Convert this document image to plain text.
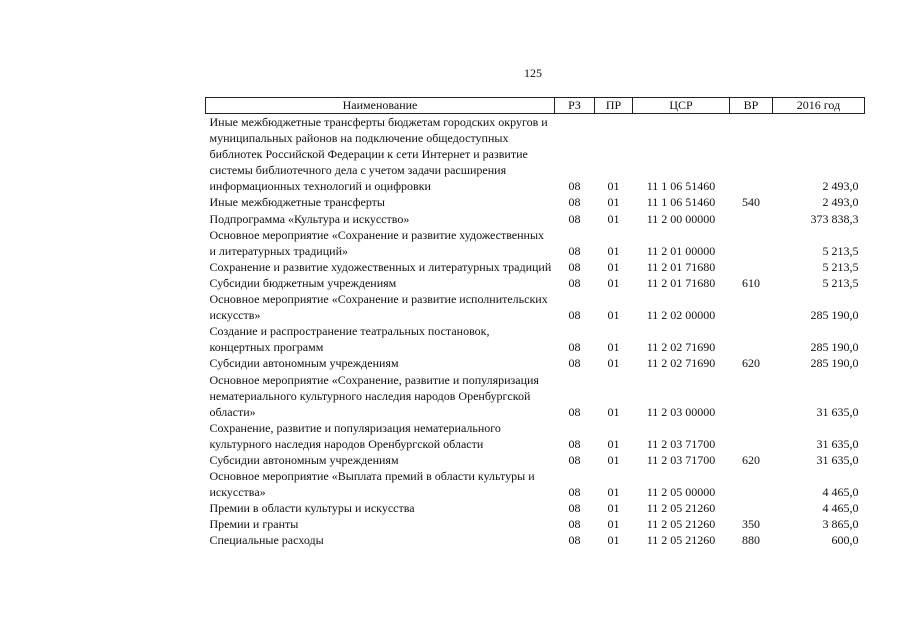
125
Наименование	РЗ	ПР	ЦСР	ВР	2016 год
Иные межбюджетные трансферты бюджетам городских округов и муниципальных районов на подключение общедоступных библиотек Российской Федерации к сети Интернет и развитие системы библиотечного дела с учетом задачи расширения информационных технологий и оцифровки	08	01	11 1 06 51460		2 493,0
Иные межбюджетные трансферты	08	01	11 1 06 51460	540	2 493,0
Подпрограмма «Культура и искусство»	08	01	11 2 00 00000		373 838,3
Основное мероприятие «Сохранение и развитие художественных и литературных традиций»	08	01	11 2 01 00000		5 213,5
Сохранение и развитие художественных и литературных традиций	08	01	11 2 01 71680		5 213,5
Субсидии бюджетным учреждениям	08	01	11 2 01 71680	610	5 213,5
Основное мероприятие «Сохранение и развитие исполнительских искусств»	08	01	11 2 02 00000		285 190,0
Создание и распространение театральных постановок, концертных программ	08	01	11 2 02 71690		285 190,0
Субсидии автономным учреждениям	08	01	11 2 02 71690	620	285 190,0
Основное мероприятие «Сохранение, развитие и популяризация нематериального культурного наследия народов Оренбургской области»	08	01	11 2 03 00000		31 635,0
Сохранение, развитие и популяризация нематериального культурного наследия народов Оренбургской области	08	01	11 2 03 71700		31 635,0
Субсидии автономным учреждениям	08	01	11 2 03 71700	620	31 635,0
Основное мероприятие «Выплата премий в области культуры и искусства»	08	01	11 2 05 00000		4 465,0
Премии в области культуры и искусства	08	01	11 2 05 21260		4 465,0
Премии и гранты	08	01	11 2 05 21260	350	3 865,0
Специальные расходы	08	01	11 2 05 21260	880	600,0
